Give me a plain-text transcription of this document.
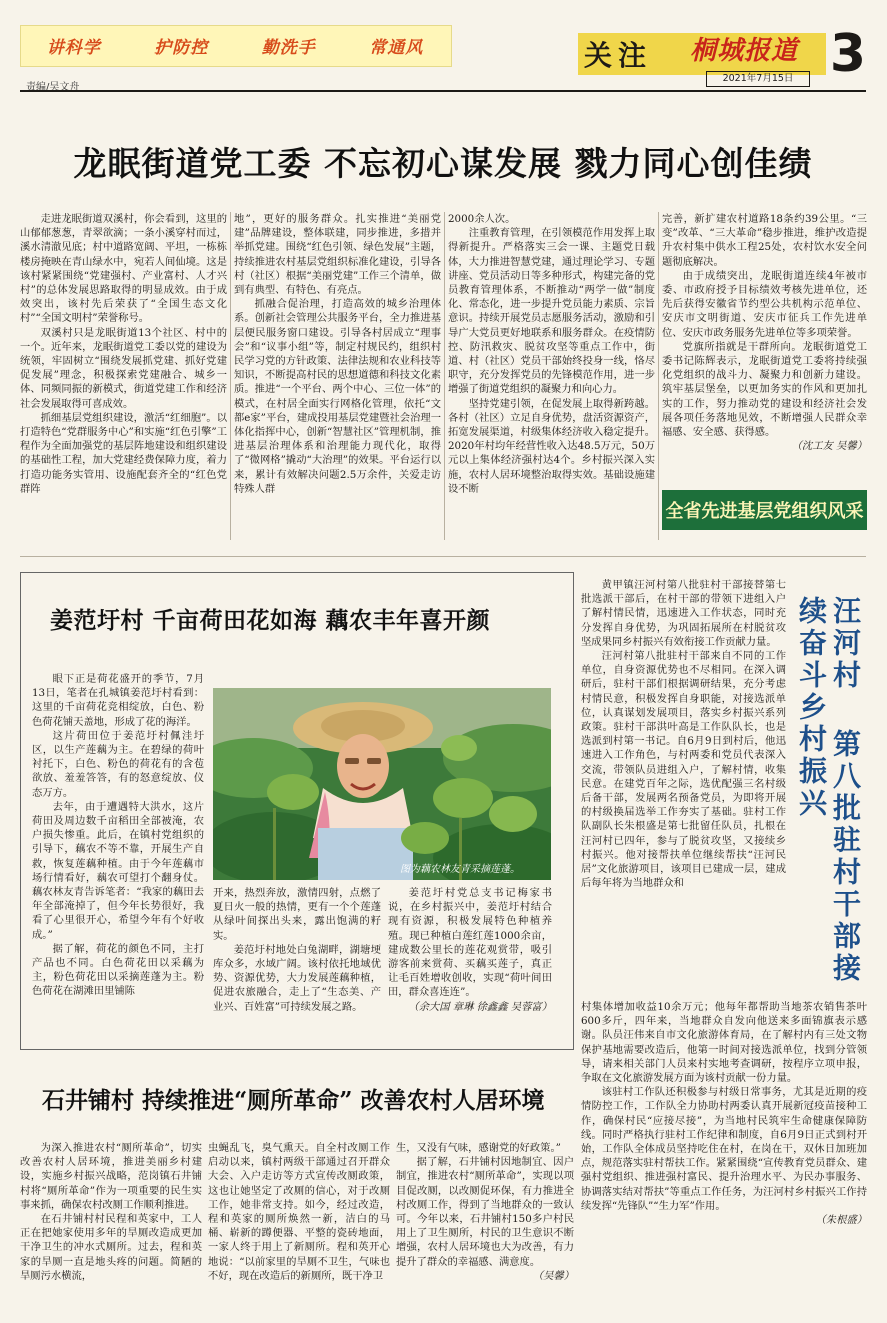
讲科学	护防控	勤洗手	常通风
责编/吴文舟
关注	桐城报道
2021年7月15日 3
龙眠街道党工委 不忘初心谋发展 戮力同心创佳绩

走进龙眠街道双溪村，你会看到，这里的山郁郁葱葱，青翠欲滴；一条小溪穿村而过，溪水清澈见底；村中道路宽阔、平坦，一栋栋楼房掩映在青山绿水中，宛若人间仙境。这是该村紧紧围绕“党建强村、产业富村、人才兴村”的总体发展思路取得的明显成效。由于成效突出，该村先后荣获了“全国生态文化村”“全国文明村”荣誉称号。

双溪村只是龙眠街道13个社区、村中的一个。近年来，龙眠街道党工委以党的建设为统领，牢固树立“围绕发展抓党建、抓好党建促发展”理念，积极探索党建融合、城乡一体、同频同振的新模式，街道党建工作和经济社会发展取得可喜成效。

抓细基层党组织建设，激活“红细胞”。以打造特色“党群服务中心”和实施“红色引擎”工程作为全面加强党的基层阵地建设和组织建设的基础性工程，加大党建经费保障力度，着力打造功能务实管用、设施配套齐全的“红色党群阵

地”，更好的服务群众。扎实推进“美丽党建”品牌建设，整体联建，同步推进，多措并举抓党建。围绕“红色引领、绿色发展”主题，持续推进农村基层党组织标准化建设，引导各村（社区）根据“美丽党建”工作三个清单，做到有典型、有特色、有亮点。

抓融合促治理，打造高效的城乡治理体系。创新社会管理公共服务平台，全力推进基层便民服务窗口建设。引导各村居成立“理事会”和“议事小组”等，制定村规民约，组织村民学习党的方针政策、法律法规和农业科技等知识，不断提高村民的思想道德和科技文化素质。推进“一个平台、两个中心、三位一体”的模式，在村居全面实行网格化管理，依托“文都e家”平台，建成投用基层党建暨社会治理一体化指挥中心，创新“智慧社区”管理机制，推进基层治理体系和治理能力现代化，取得了“微网格”撬动“大治理”的效果。平台运行以来，累计有效解决问题2.5万余件，关爱走访特殊人群

2000余人次。

注重教育管理，在引领模范作用发挥上取得新提升。严格落实三会一课、主题党日载体，大力推进智慧党建，通过理论学习、专题讲座、党员活动日等多种形式，构建完备的党员教育管理体系，不断推动“两学一做”制度化、常态化，进一步提升党员能力素质、宗旨意识。持续开展党员志愿服务活动，激励和引导广大党员更好地联系和服务群众。在疫情防控、防汛救灾、脱贫攻坚等重点工作中，街道、村（社区）党员干部始终投身一线，恪尽职守，充分发挥党员的先锋模范作用，进一步增强了街道党组织的凝聚力和向心力。

坚持党建引领，在促发展上取得新跨越。各村（社区）立足自身优势，盘活资源资产，拓宽发展渠道，村级集体经济收入稳定提升。2020年村均年经营性收入达48.5万元，50万元以上集体经济强村达4个。乡村振兴深入实施，农村人居环境整治取得实效。基础设施建设不断

完善，新扩建农村道路18条约39公里。“三变”改革、“三大革命”稳步推进，维护改造提升农村集中供水工程25处，农村饮水安全问题彻底解决。

由于成绩突出，龙眠街道连续4年被市委、市政府授予目标绩效考核先进单位，还先后获得安徽省节约型公共机构示范单位、安庆市文明街道、安庆市征兵工作先进单位、安庆市政务服务先进单位等多项荣誉。

党旗所指就是干群所向。龙眠街道党工委书记陈辉表示，龙眠街道党工委将持续强化党组织的战斗力、凝聚力和创新力建设。筑牢基层堡垒，以更加务实的作风和更加扎实的工作，努力推动党的建设和经济社会发展各项任务落地见效，不断增强人民群众幸福感、安全感、获得感。

（沈工友 吴馨）

全省先进基层党组织风采
姜范圩村 千亩荷田花如海 藕农丰年喜开颜

眼下正是荷花盛开的季节，7月13日，笔者在孔城镇姜范圩村看到：这里的千亩荷花竞相绽放，白色、粉色荷花铺天盖地，形成了花的海洋。

这片荷田位于姜范圩村佩洼圩区，以生产莲藕为主。在碧绿的荷叶衬托下，白色、粉色的荷花有的含苞欲放、羞羞答答，有的怒意绽放、仪态万方。

去年，由于遭遇特大洪水，这片荷田及周边数千亩稻田全部被淹，农户损失惨重。此后，在镇村党组织的引导下，藕农不等不靠，开展生产自救，恢复莲藕种植。由于今年莲藕市场行情看好，藕农可望打个翻身仗。藕农林友青告诉笔者：“我家的藕田去年全部淹掉了，但今年长势很好，我看了心里很开心，希望今年有个好收成。”

据了解，荷花的颜色不同，主打产品也不同。白色荷花田以采藕为主，粉色荷花田以采摘莲蓬为主。粉色荷花在湖滩田里铺陈

图为藕农林友青采摘莲蓬。

开来，热烈奔放，激情四射，点燃了夏日火一般的热情，更有一个个莲蓬从绿叶间探出头来，露出饱满的籽实。

姜范圩村地处白兔湖畔，湖塘埂库众多，水域广阔。该村依托地域优势、资源优势，大力发展莲藕种植，促进农旅融合，走上了“生态美、产业兴、百姓富”可持续发展之路。

姜范圩村党总支书记梅家书说，在乡村振兴中，姜范圩村结合现有资源，积极发展特色种植养殖。现已种植白莲红莲1000余亩，建成数公里长的莲花观赏带，吸引游客前来赏荷、买藕买莲子，真正让毛百姓增收创收，实现“荷叶间田田，群众喜连连”。

（余大国 章琳 徐鑫鑫 吴蓉富）

黄甲镇汪河村第八批驻村干部接替第七批选派干部后，在村干部的带领下进组入户了解村情民情，迅速进入工作状态，同时充分发挥自身优势，为巩固拓展所在村脱贫攻坚成果同乡村振兴有效衔接工作贡献力量。

汪河村第八批驻村干部来自不同的工作单位，自身资源优势也不尽相同。在深入调研后，驻村干部们根据调研结果，充分考虑村情民意，积极发挥自身职能，对接选派单位，认真谋划发展项目，落实乡村振兴系列政策。驻村干部洪叶高是工作队队长，也是选派到村第一书记。自6月9日到村后，他迅速进入工作角色，与村两委和党员代表深入交流，带领队员进组入户，了解村情，收集民意。在建党百年之际，选优配强三名村级后备干部，发展两名预备党员，为即将开展的村级换届选举工作夯实了基础。驻村工作队副队长朱根盛是第七批留任队员，扎根在汪河村已四年，参与了脱贫攻坚，又接续乡村振兴。他对接帮扶单位继续帮扶“汪河民居”文化旅游项目，该项目已建成一层，建成后每年将为当地群众和	汪河村 第八批驻村干部接续奋斗乡村振兴

村集体增加收益10余万元；他每年都帮助当地茶农销售茶叶600多斤，四年来，当地群众自发向他送来多面锦旗表示感谢。队员汪伟来自市文化旅游体育局，在了解村内有三处文物保护基地需要改造后，他第一时间对接选派单位，找到分管领导，请来相关部门人员来村实地考查调研，按程序立项申报，争取在文化旅游发展方面为该村贡献一份力量。

该驻村工作队还积极参与村级日常事务，尤其是近期的疫情防控工作，工作队全力协助村两委认真开展新冠疫苗接种工作，确保村民“应接尽接”，为当地村民筑牢生命健康保障防线。同时严格执行驻村工作纪律和制度，自6月9日正式到村开始，工作队全体成员坚持吃住在村，在岗在干，双休日加班加点，规范落实驻村帮扶工作。紧紧围绕“宣传教育党员群众、建强村党组织、推进强村富民、提升治理水平、为民办事服务、协调落实结对帮扶”等重点工作任务，为汪河村乡村振兴工作持续发挥“先锋队”“生力军”作用。

（朱根盛）

石井铺村 持续推进“厕所革命” 改善农村人居环境

为深入推进农村“厕所革命”，切实改善农村人居环境，推进美丽乡村建设，实施乡村振兴战略，范岗镇石井铺村将“厕所革命”作为一项重要的民生实事来抓，确保农村改厕工作顺利推进。

在石井铺村村民程和英家中，工人正在把她家使用多年的旱厕改造成更加干净卫生的冲水式厕所。过去，程和英家的旱厕一直是地头疼的问题。简陋的旱厕污水横流，

虫蝇乱飞，臭气熏天。自全村改厕工作启动以来，镇村两级干部通过召开群众大会、入户走访等方式宣传改厕政策，这也让她坚定了改厕的信心，对于改厕工作，她非常支持。如今，经过改造，程和英家的厕所焕然一新，洁白的马桶、崭新的蹲便器、平整的瓷砖地面，一家人终于用上了新厕所。程和英开心地说：“以前家里的旱厕不卫生，气味也不好，现在改造后的新厕所，既干净卫

生，又没有气味，感谢党的好政策。”

据了解，石井铺村因地制宜、因户制宜，推进农村“厕所革命”，实现以项目促改厕，以改厕促环保，有力推进全村改厕工作，得到了当地群众的一致认可。今年以来，石井铺村150多户村民用上了卫生厕所，村民的卫生意识不断增强，农村人居环境也大为改善，有力提升了群众的幸福感、满意度。

（吴馨）
